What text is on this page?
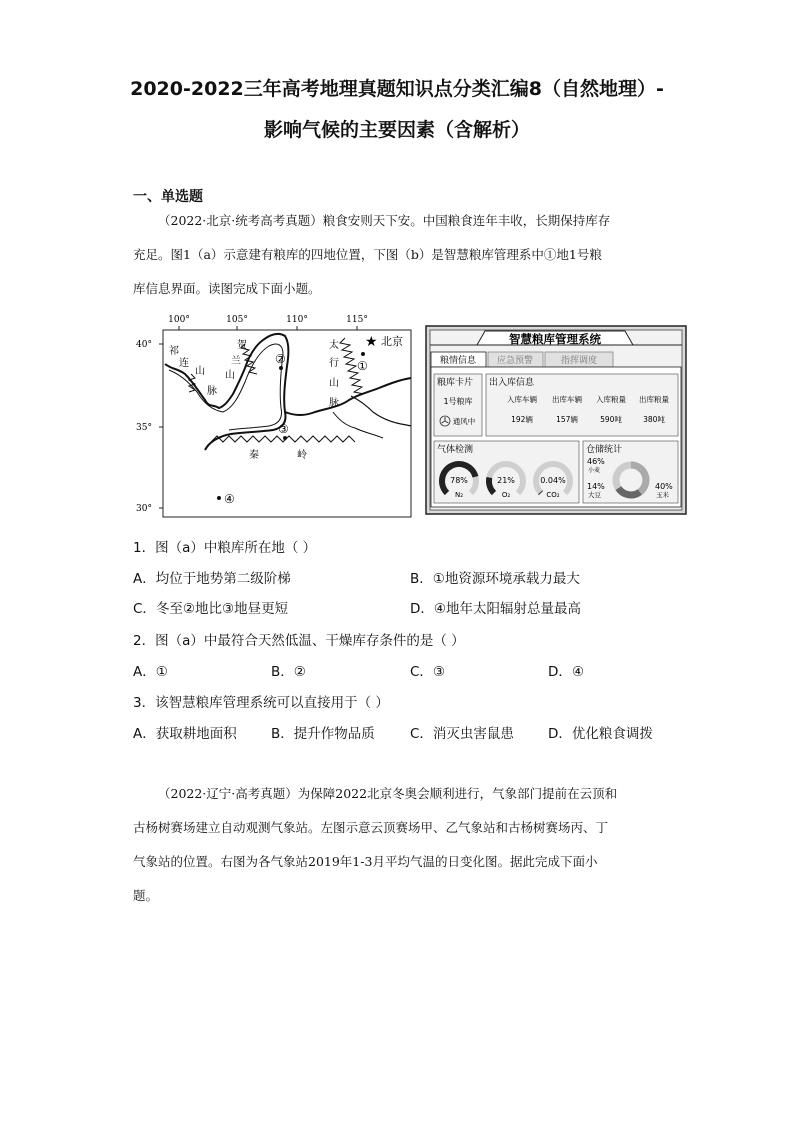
2020-2022三年高考地理真题知识点分类汇编8（自然地理）-
影响气候的主要因素（含解析）
一、单选题
（2022·北京·统考高考真题）粮食安则天下安。中国粮食连年丰收，长期保持库存
充足。图1（a）示意建有粮库的四地位置，下图（b）是智慧粮库管理系中①地1号粮
库信息界面。读图完成下面小题。
100°	105°	110°	115°
40°
35°
30°
祁
连
山
脉
贺
兰
山
太
行
山
脉
秦	岭
★ 北京
①
②
③
④
智慧粮库管理系统
粮情信息 应急预警	指挥调度
粮库卡片
1号粮库
通风中
出入库信息
入库车辆 出库车辆 入库粮量 出库粮量
192辆	157辆	590吨	380吨
气体检测
78%
N₂
21%
O₂
0.04%
CO₂
仓储统计
46%
小麦
14%
大豆
40%
玉米
1．图（a）中粮库所在地（ ）
A．均位于地势第二级阶梯	B．①地资源环境承载力最大
C．冬至②地比③地昼更短	D．④地年太阳辐射总量最高
2．图（a）中最符合天然低温、干燥库存条件的是（ ）
A．①	B．②	C．③	D．④
3．该智慧粮库管理系统可以直接用于（ ）
A．获取耕地面积	B．提升作物品质	C．消灭虫害鼠患	D．优化粮食调拨
（2022·辽宁·高考真题）为保障2022北京冬奥会顺利进行，气象部门提前在云顶和
古杨树赛场建立自动观测气象站。左图示意云顶赛场甲、乙气象站和古杨树赛场丙、丁
气象站的位置。右图为各气象站2019年1-3月平均气温的日变化图。据此完成下面小
题。
